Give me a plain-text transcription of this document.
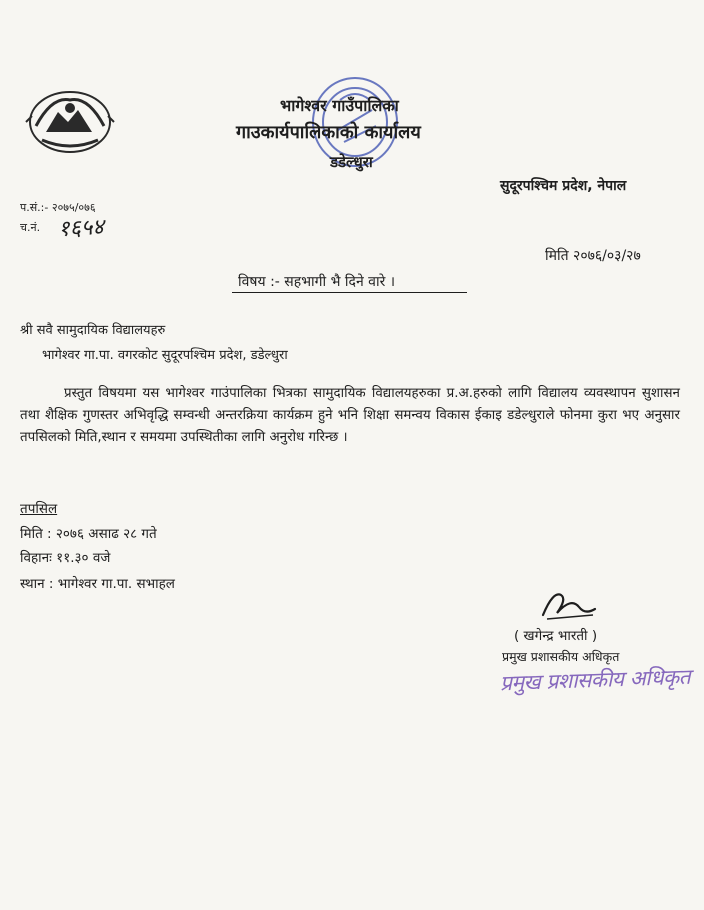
भागेश्वर गाउँपालिका
गाउकार्यपालिकाको कार्यालय
डडेल्धुरा
सुदूरपश्चिम प्रदेश, नेपाल
प.सं.:- २०७५/०७६
च.नं. १६५४
मिति २०७६/०३/२७
विषय :- सहभागी भै दिने वारे ।
श्री सवै सामुदायिक विद्यालयहरु
भागेश्वर गा.पा. वगरकोट सुदूरपश्चिम प्रदेश, डडेल्धुरा
प्रस्तुत विषयमा यस भागेश्वर गाउंपालिका भित्रका सामुदायिक विद्यालयहरुका प्र.अ.हरुको लागि विद्यालय व्यवस्थापन सुशासन तथा शैक्षिक गुणस्तर अभिवृद्धि सम्वन्धी अन्तरक्रिया कार्यक्रम हुने भनि शिक्षा समन्वय विकास ईकाइ डडेल्धुराले फोनमा कुरा भए अनुसार तपसिलको मिति,स्थान र समयमा उपस्थितीका लागि अनुरोध गरिन्छ ।
तपसिल
मिति : २०७६ असाढ २८ गते
विहानः ११.३० वजे
स्थान : भागेश्वर गा.पा. सभाहल
( खगेन्द्र भारती )
प्रमुख प्रशासकीय अधिकृत
प्रमुख प्रशासकीय अधिकृत
